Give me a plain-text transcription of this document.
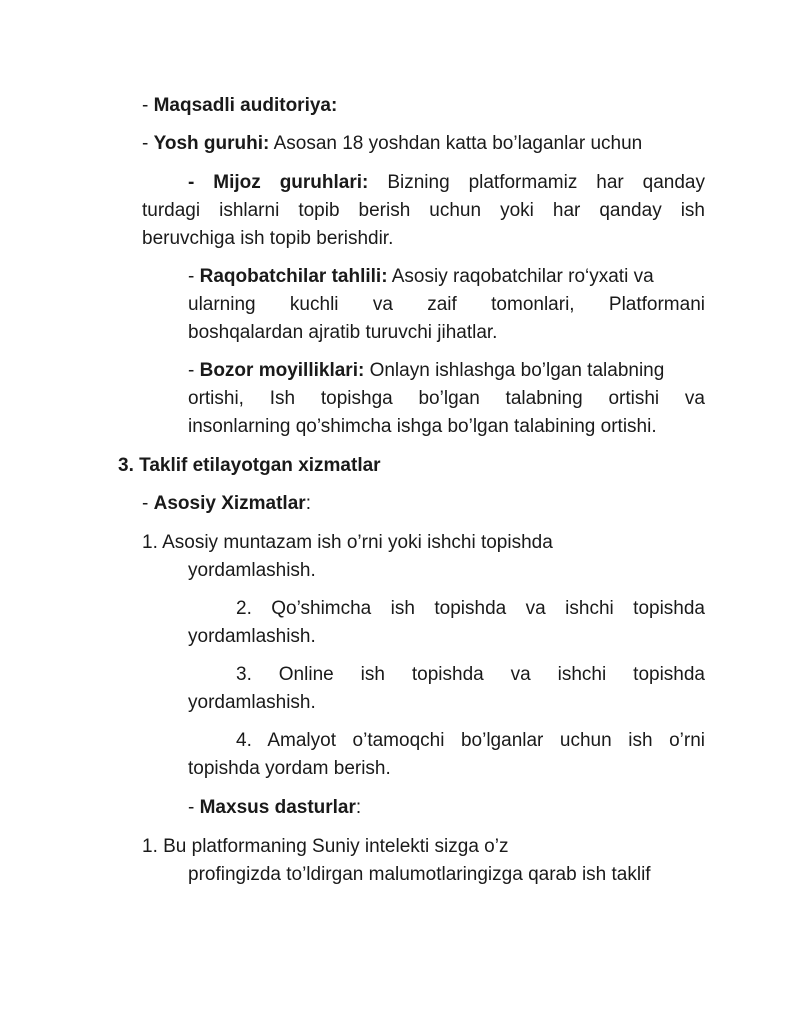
- Maqsadli auditoriya:
- Yosh guruhi: Asosan 18 yoshdan katta bo’laganlar uchun
- Mijoz guruhlari: Bizning platformamiz har qanday
turdagi ishlarni topib berish uchun yoki har qanday ish
beruvchiga ish topib berishdir.
- Raqobatchilar tahlili: Asosiy raqobatchilar ro‘yxati va
ularning kuchli va zaif tomonlari, Platformani
boshqalardan ajratib turuvchi jihatlar.
- Bozor moyilliklari: Onlayn ishlashga bo’lgan talabning
ortishi, Ish topishga bo’lgan talabning ortishi va
insonlarning qo’shimcha ishga bo’lgan talabining ortishi.
3. Taklif etilayotgan xizmatlar
- Asosiy Xizmatlar:
1. Asosiy muntazam ish o’rni yoki ishchi topishda
yordamlashish.
2. Qo’shimcha ish topishda va ishchi topishda
yordamlashish.
3. Online ish topishda va ishchi topishda
yordamlashish.
4. Amalyot o’tamoqchi bo’lganlar uchun ish o’rni
topishda yordam berish.
- Maxsus dasturlar:
1. Bu platformaning Suniy intelekti sizga o’z
profingizda to’ldirgan malumotlaringizga qarab ish taklif
